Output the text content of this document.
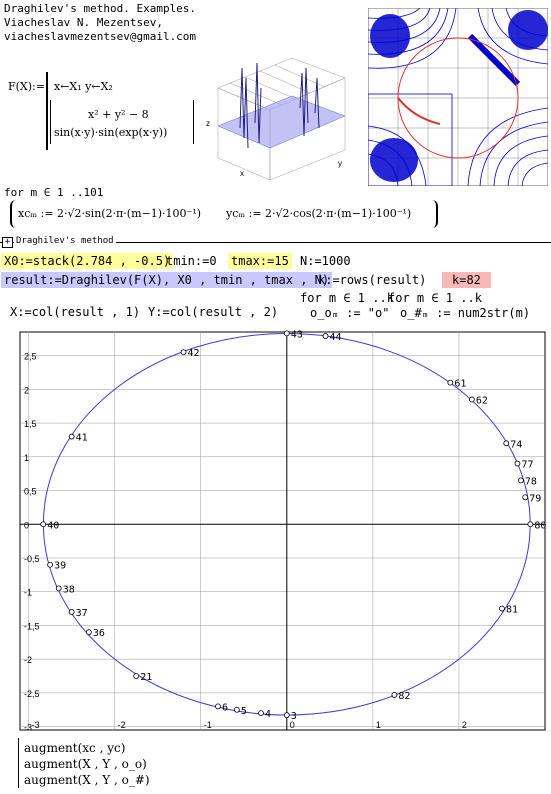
Draghilev's method. Examples.
Viacheslav N. Mezentsev,
viacheslavmezentsev@gmail.com
F(X):= x←X₁ y←X₂
x² + y² − 8
sin(x·y)·sin(exp(x·y))
z
x
y
for m ∈ 1 ..101
xcₘ := 2·√2·sin(2·π·(m−1)·100⁻¹) ycₘ := 2·√2·cos(2·π·(m−1)·100⁻¹)
+ Draghilev's method
X0:=stack(2.784 , -0.5)
tmin:=0 tmax:=15 N:=1000
result:=Draghilev(F(X), X0 , tmin , tmax , N)
k:=rows(result)	k=82
for m ∈ 1 ..k
for m ∈ 1 ..k
X:=col(result , 1) Y:=col(result , 2)	o_oₘ := "o" o_#ₘ := num2str(m)
-3	-2	-1	0	1	2
2,5
2
1,5
1
0,5
0
-0,5
-1
-1,5
-2
-2,5
-3
3
4
5
6
21
36
37
38
39
40
41
42
43	44
61
62
74
77
78
79
80
81
82
augment(xc , yc)
augment(X , Y , o_o)
augment(X , Y , o_#)
